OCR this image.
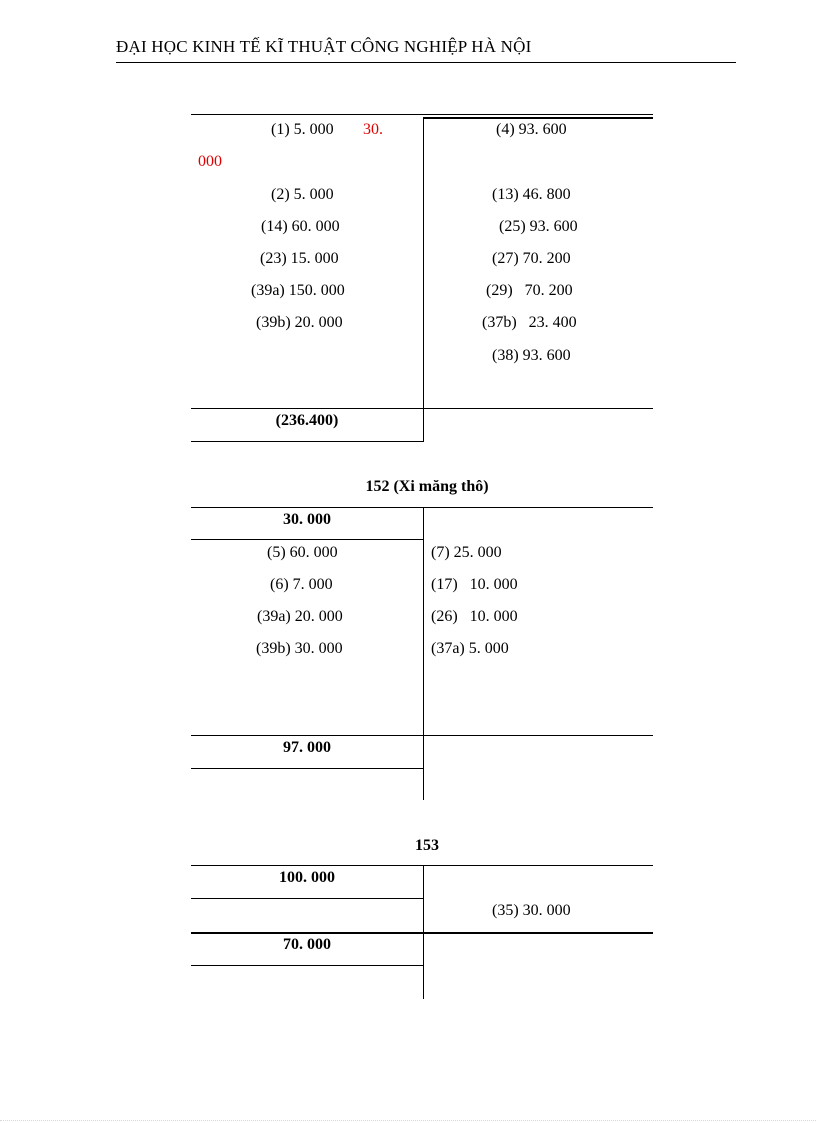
ĐẠI HỌC KINH TẾ KĨ THUẬT CÔNG NGHIỆP HÀ NỘI
(1) 5. 000 30.
000
(2) 5. 000
(14) 60. 000
(23) 15. 000
(39a) 150. 000
(39b) 20. 000
(4) 93. 600
(13) 46. 800
(25) 93. 600
(27) 70. 200
(29)   70. 200
(37b)   23. 400
(38) 93. 600
(236.400)
152 (Xi măng thô)
30. 000
(5) 60. 000
(6) 7. 000
(39a) 20. 000
(39b) 30. 000
(7) 25. 000
(17)   10. 000
(26)   10. 000
(37a) 5. 000
97. 000
153
100. 000
(35) 30. 000
70. 000
